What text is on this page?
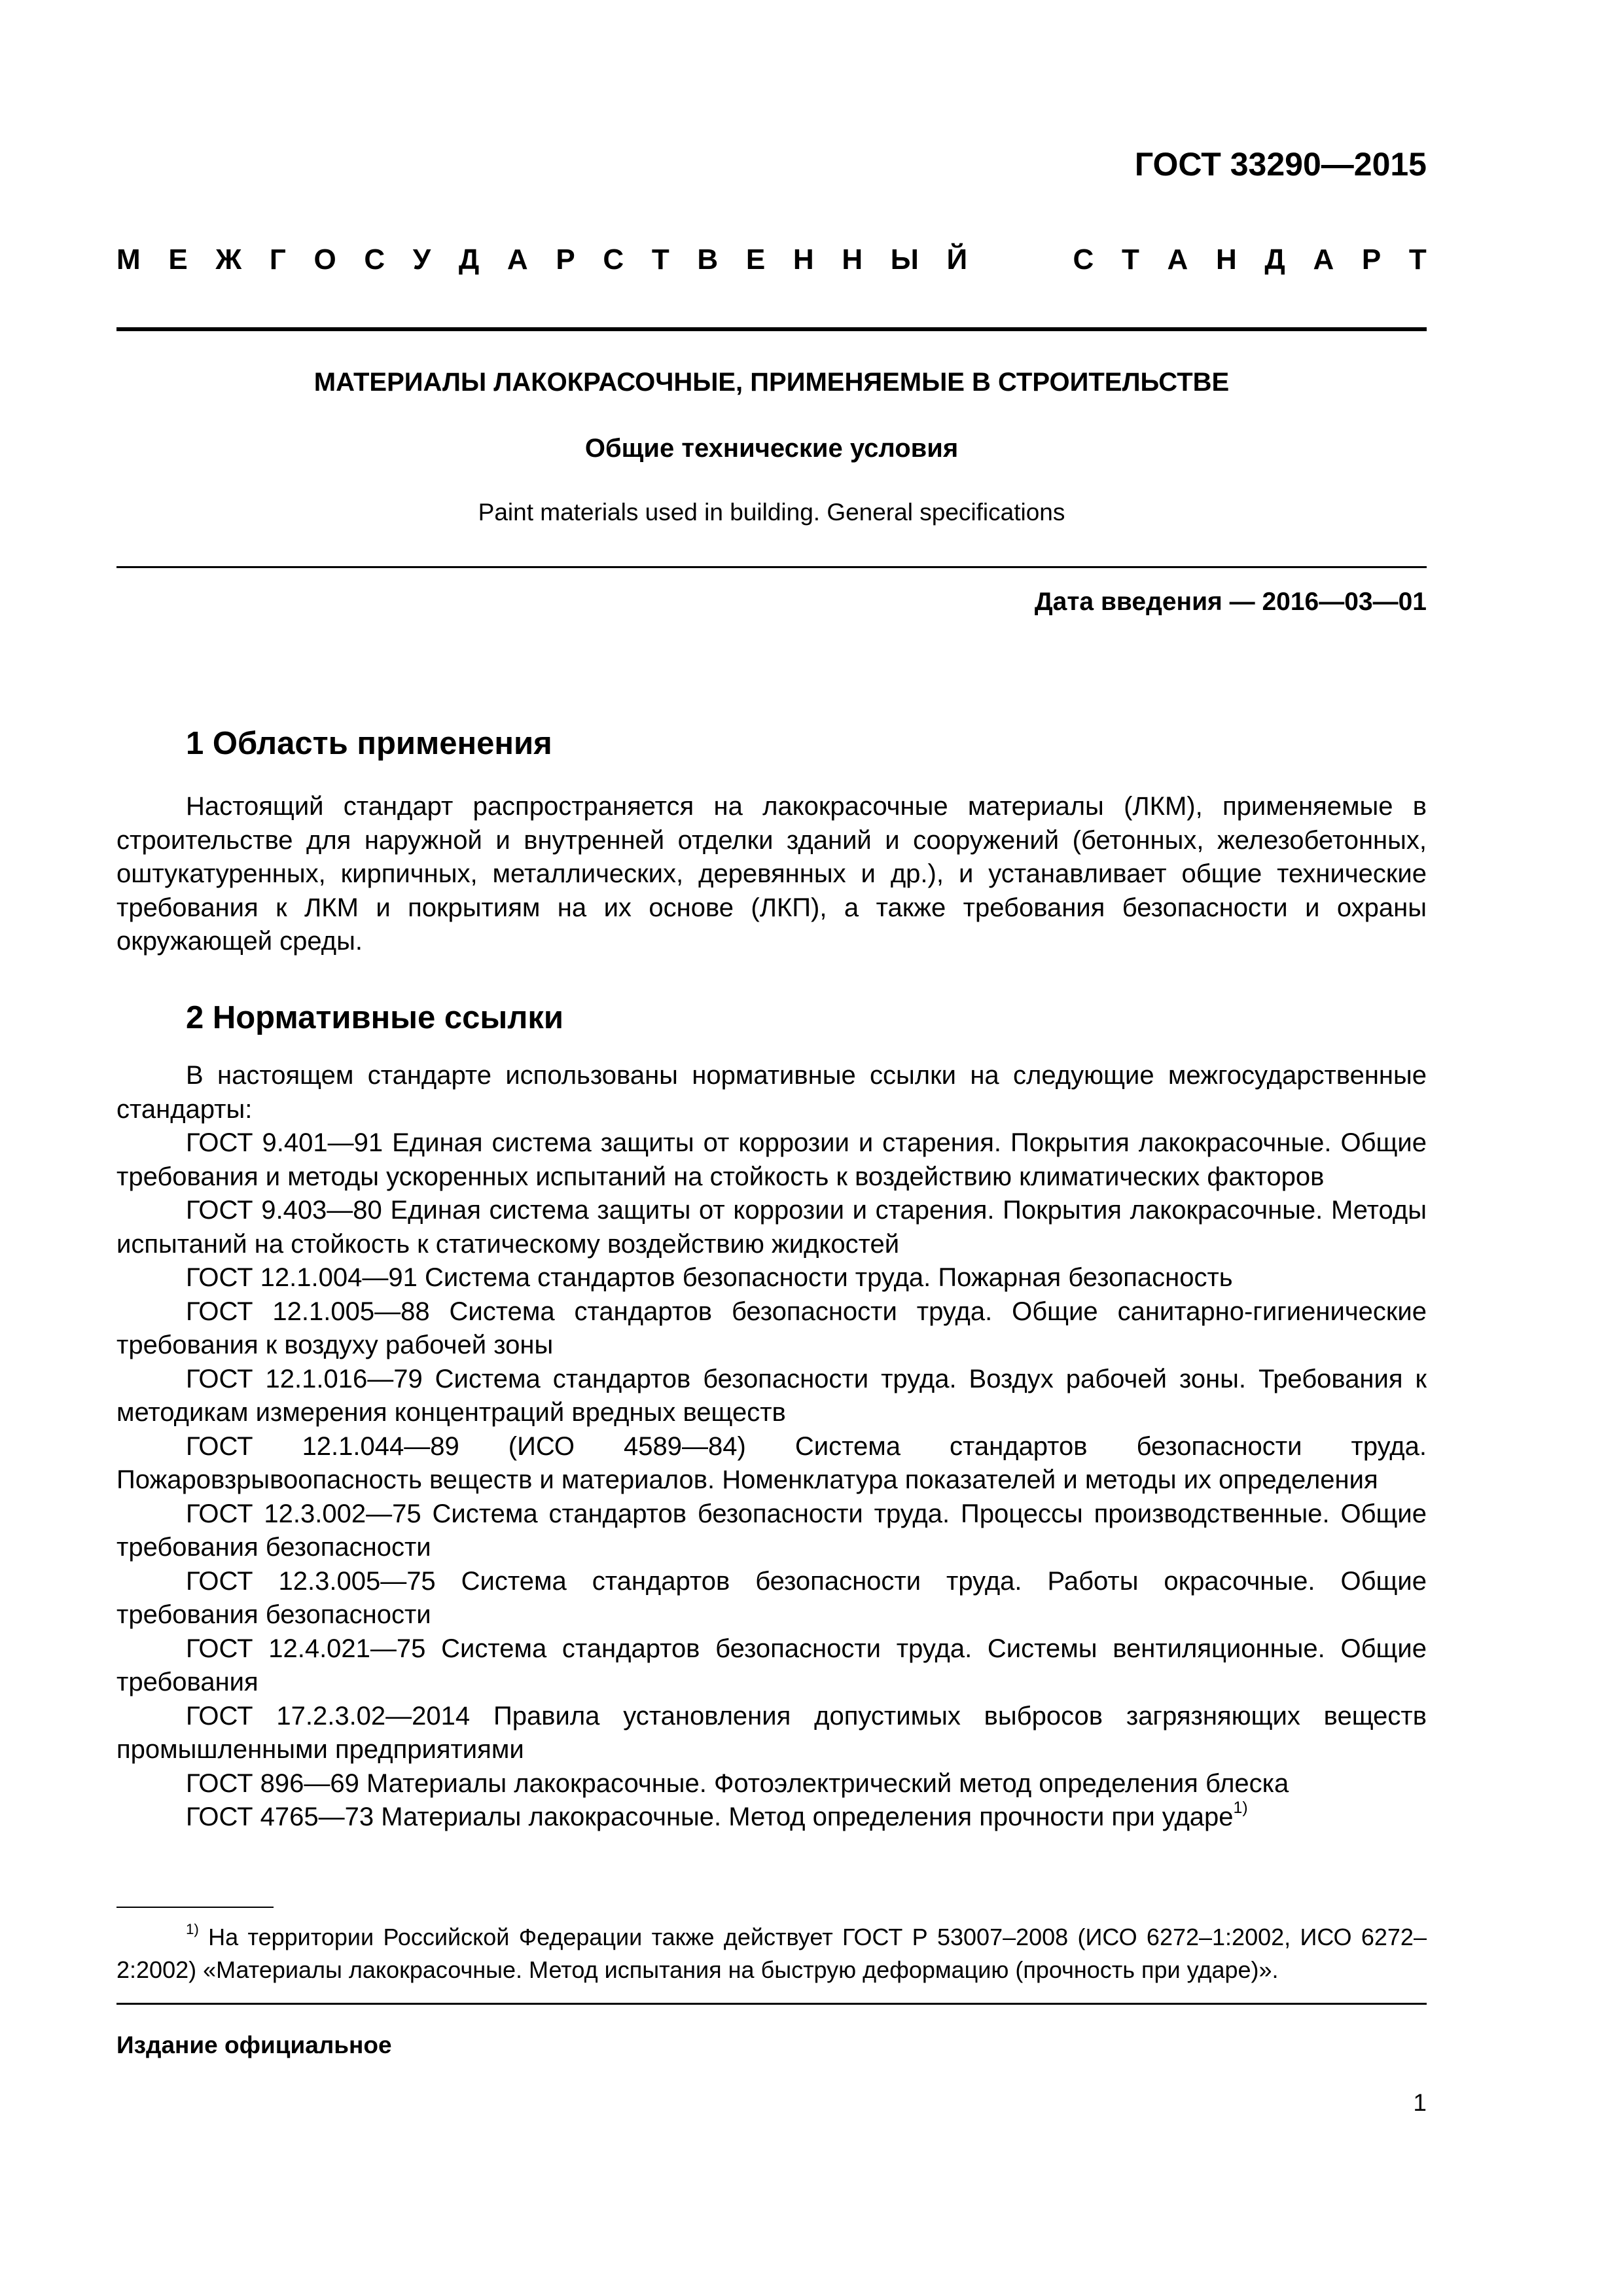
ГОСТ 33290—2015
М Е Ж Г О С У Д А Р С Т В Е Н Н Ы Й	С Т А Н Д А Р Т
МАТЕРИАЛЫ ЛАКОКРАСОЧНЫЕ, ПРИМЕНЯЕМЫЕ В СТРОИТЕЛЬСТВЕ
Общие технические условия
Paint materials used in building. General specifications
Дата введения — 2016—03—01
1 Область применения

Настоящий стандарт распространяется на лакокрасочные материалы (ЛКМ), применяемые в строительстве для наружной и внутренней отделки зданий и сооружений (бетонных, железобетонных, оштукатуренных, кирпичных, металлических, деревянных и др.), и устанавливает общие технические требования к ЛКМ и покрытиям на их основе (ЛКП), а также требования безопасности и охраны окружающей среды.

2 Нормативные ссылки

В настоящем стандарте использованы нормативные ссылки на следующие межгосударственные стандарты:

ГОСТ 9.401—91 Единая система защиты от коррозии и старения. Покрытия лакокрасочные. Общие требования и методы ускоренных испытаний на стойкость к воздействию климатических факторов

ГОСТ 9.403—80 Единая система защиты от коррозии и старения. Покрытия лакокрасочные. Методы испытаний на стойкость к статическому воздействию жидкостей

ГОСТ 12.1.004—91 Система стандартов безопасности труда. Пожарная безопасность

ГОСТ 12.1.005—88 Система стандартов безопасности труда. Общие санитарно-гигиенические требования к воздуху рабочей зоны

ГОСТ 12.1.016—79 Система стандартов безопасности труда. Воздух рабочей зоны. Требования к методикам измерения концентраций вредных веществ

ГОСТ 12.1.044—89 (ИСО 4589—84) Система стандартов безопасности труда. Пожаровзрывоопасность веществ и материалов. Номенклатура показателей и методы их определения

ГОСТ 12.3.002—75 Система стандартов безопасности труда. Процессы производственные. Общие требования безопасности

ГОСТ 12.3.005—75 Система стандартов безопасности труда. Работы окрасочные. Общие требования безопасности

ГОСТ 12.4.021—75 Система стандартов безопасности труда. Системы вентиляционные. Общие требования

ГОСТ 17.2.3.02—2014 Правила установления допустимых выбросов загрязняющих веществ промышленными предприятиями

ГОСТ 896—69 Материалы лакокрасочные. Фотоэлектрический метод определения блеска

ГОСТ 4765—73 Материалы лакокрасочные. Метод определения прочности при ударе$^{1)}$

$^{1)}$ На территории Российской Федерации также действует ГОСТ Р 53007–2008 (ИСО 6272–1:2002, ИСО 6272–2:2002) «Материалы лакокрасочные. Метод испытания на быструю деформацию (прочность при ударе)».

Издание официальное
1
